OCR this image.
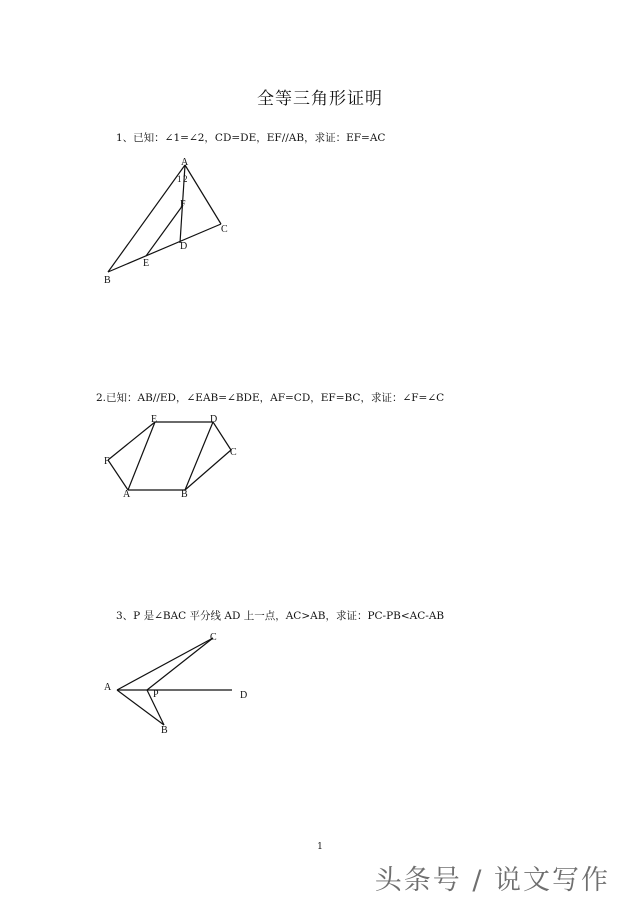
全等三角形证明
1、已知：∠1=∠2，CD=DE，EF//AB，求证：EF=AC
2.已知：AB//ED，∠EAB=∠BDE，AF=CD，EF=BC，求证：∠F=∠C
3、P 是∠BAC 平分线 AD 上一点，AC>AB，求证：PC-PB<AC-AB
A
B
C
D
E
F
1 2
E	D
F
C
A	B
A
C
P	D
B
1
头条号 / 说文写作
